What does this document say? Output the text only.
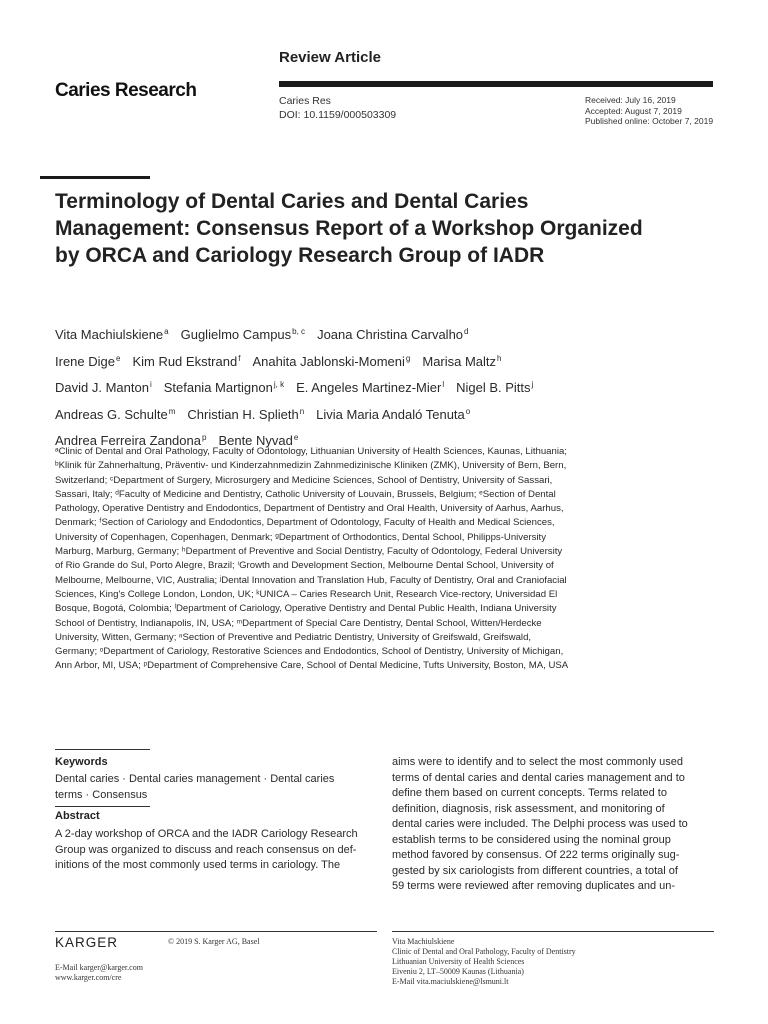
Caries Research
Review Article
Caries Res
DOI: 10.1159/000503309
Received: July 16, 2019
Accepted: August 7, 2019
Published online: October 7, 2019
Terminology of Dental Caries and Dental Caries Management: Consensus Report of a Workshop Organized by ORCA and Cariology Research Group of IADR
Vita Machiulskiene$^a$ Guglielmo Campus$^{b, c}$ Joana Christina Carvalho$^d$
Irene Dige$^e$ Kim Rud Ekstrand$^f$ Anahita Jablonski-Momeni$^g$ Marisa Maltz$^h$
David J. Manton$^i$ Stefania Martignon$^{j, k}$ E. Angeles Martinez-Mier$^l$ Nigel B. Pitts$^j$
Andreas G. Schulte$^m$ Christian H. Splieth$^n$ Livia Maria Andaló Tenuta$^o$
Andrea Ferreira Zandona$^p$ Bente Nyvad$^e$
ᵃClinic of Dental and Oral Pathology, Faculty of Odontology, Lithuanian University of Health Sciences, Kaunas, Lithuania;
ᵇKlinik für Zahnerhaltung, Präventiv- und Kinderzahnmedizin Zahnmedizinische Kliniken (ZMK), University of Bern, Bern,
Switzerland; ᶜDepartment of Surgery, Microsurgery and Medicine Sciences, School of Dentistry, University of Sassari,
Sassari, Italy; ᵈFaculty of Medicine and Dentistry, Catholic University of Louvain, Brussels, Belgium; ᵉSection of Dental
Pathology, Operative Dentistry and Endodontics, Department of Dentistry and Oral Health, University of Aarhus, Aarhus,
Denmark; ᶠSection of Cariology and Endodontics, Department of Odontology, Faculty of Health and Medical Sciences,
University of Copenhagen, Copenhagen, Denmark; ᵍDepartment of Orthodontics, Dental School, Philipps-University
Marburg, Marburg, Germany; ʰDepartment of Preventive and Social Dentistry, Faculty of Odontology, Federal University
of Rio Grande do Sul, Porto Alegre, Brazil; ⁱGrowth and Development Section, Melbourne Dental School, University of
Melbourne, Melbourne, VIC, Australia; ʲDental Innovation and Translation Hub, Faculty of Dentistry, Oral and Craniofacial
Sciences, King's College London, London, UK; ᵏUNICA – Caries Research Unit, Research Vice-rectory, Universidad El
Bosque, Bogotá, Colombia; ˡDepartment of Cariology, Operative Dentistry and Dental Public Health, Indiana University
School of Dentistry, Indianapolis, IN, USA; ᵐDepartment of Special Care Dentistry, Dental School, Witten/Herdecke
University, Witten, Germany; ⁿSection of Preventive and Pediatric Dentistry, University of Greifswald, Greifswald,
Germany; ᵒDepartment of Cariology, Restorative Sciences and Endodontics, School of Dentistry, University of Michigan,
Ann Arbor, MI, USA; ᵖDepartment of Comprehensive Care, School of Dental Medicine, Tufts University, Boston, MA, USA
Keywords
Dental caries · Dental caries management · Dental caries
terms · Consensus
Abstract
A 2-day workshop of ORCA and the IADR Cariology Research
Group was organized to discuss and reach consensus on def-
initions of the most commonly used terms in cariology. The
aims were to identify and to select the most commonly used
terms of dental caries and dental caries management and to
define them based on current concepts. Terms related to
definition, diagnosis, risk assessment, and monitoring of
dental caries were included. The Delphi process was used to
establish terms to be considered using the nominal group
method favored by consensus. Of 222 terms originally sug-
gested by six cariologists from different countries, a total of
59 terms were reviewed after removing duplicates and un-
KARGER	© 2019 S. Karger AG, Basel
E-Mail karger@karger.com
www.karger.com/cre
Vita Machiulskiene
Clinic of Dental and Oral Pathology, Faculty of Dentistry
Lithuanian University of Health Sciences
Eiveniu 2, LT–50009 Kaunas (Lithuania)
E-Mail vita.maciulskiene@lsmuni.lt
